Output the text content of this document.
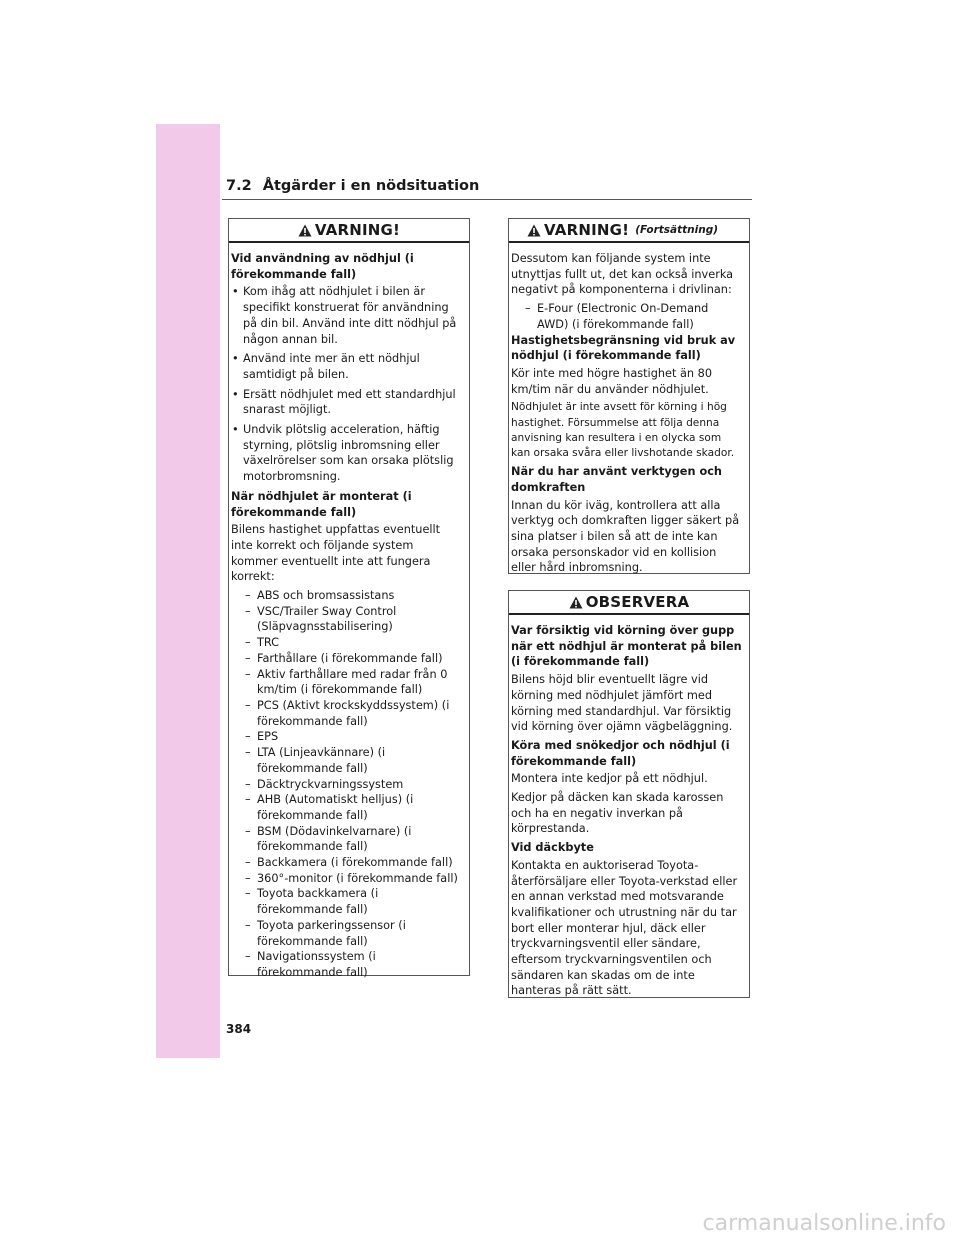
7.2 Åtgärder i en nödsituation
VARNING!

Vid användning av nödhjul (i förekommande fall)

• Kom ihåg att nödhjulet i bilen är specifikt konstruerat för användning på din bil. Använd inte ditt nödhjul på någon annan bil.
• Använd inte mer än ett nödhjul samtidigt på bilen.
• Ersätt nödhjulet med ett standardhjul snarast möjligt.
• Undvik plötslig acceleration, häftig styrning, plötslig inbromsning eller växelrörelser som kan orsaka plötslig motorbromsning.

När nödhjulet är monterat (i förekommande fall)

Bilens hastighet uppfattas eventuellt inte korrekt och följande system kommer eventuellt inte att fungera korrekt:

– ABS och bromsassistans
– VSC/Trailer Sway Control (Släpvagnsstabilisering)
– TRC
– Farthållare (i förekommande fall)
– Aktiv farthållare med radar från 0 km/tim (i förekommande fall)
– PCS (Aktivt krockskyddssystem) (i förekommande fall)
– EPS
– LTA (Linjeavkännare) (i förekommande fall)
– Däcktryckvarningssystem
– AHB (Automatiskt helljus) (i förekommande fall)
– BSM (Dödavinkelvarnare) (i förekommande fall)
– Backkamera (i förekommande fall)
– 360°-monitor (i förekommande fall)
– Toyota backkamera (i förekommande fall)
– Toyota parkeringssensor (i förekommande fall)
– Navigationssystem (i förekommande fall)
VARNING! (Fortsättning)

Dessutom kan följande system inte utnyttjas fullt ut, det kan också inverka negativt på komponenterna i drivlinan:

– E-Four (Electronic On-Demand AWD) (i förekommande fall)

Hastighetsbegränsning vid bruk av nödhjul (i förekommande fall)

Kör inte med högre hastighet än 80 km/tim när du använder nödhjulet.

Nödhjulet är inte avsett för körning i hög hastighet. Försummelse att följa denna anvisning kan resultera i en olycka som kan orsaka svåra eller livshotande skador.

När du har använt verktygen och domkraften

Innan du kör iväg, kontrollera att alla verktyg och domkraften ligger säkert på sina platser i bilen så att de inte kan orsaka personskador vid en kollision eller hård inbromsning.

OBSERVERA

Var försiktig vid körning över gupp när ett nödhjul är monterat på bilen (i förekommande fall)

Bilens höjd blir eventuellt lägre vid körning med nödhjulet jämfört med körning med standardhjul. Var försiktig vid körning över ojämn vägbeläggning.

Köra med snökedjor och nödhjul (i förekommande fall)

Montera inte kedjor på ett nödhjul.

Kedjor på däcken kan skada karossen och ha en negativ inverkan på körprestanda.

Vid däckbyte

Kontakta en auktoriserad Toyota-återförsäljare eller Toyota-verkstad eller en annan verkstad med motsvarande kvalifikationer och utrustning när du tar bort eller monterar hjul, däck eller tryckvarningsventil eller sändare, eftersom tryckvarningsventilen och sändaren kan skadas om de inte hanteras på rätt sätt.

384
carmanualsonline.info
